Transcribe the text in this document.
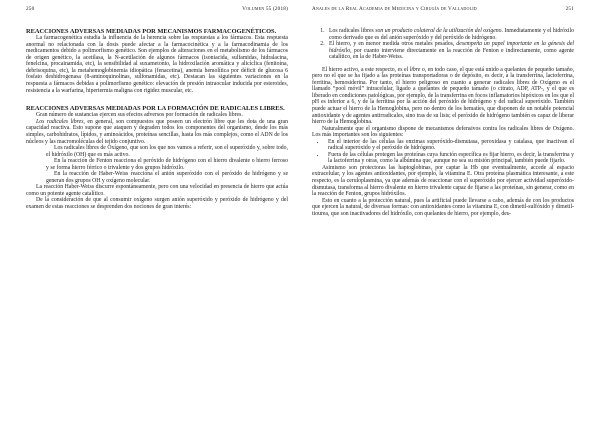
250	Volumen 55 (2018)

REACCIONES ADVERSAS MEDIADAS POR MECANISMOS FARMACOGENÉTICOS.

La farmacogenética estudia la influencia de la herencia sobre las respuestas a los fármacos. Esta respuesta anormal no relacionada con la dosis puede afectar a la farmacocinética y a la farmacodinamia de los medicamentos debido a polimorfismo genético. Son ejemplos de alteraciones en el metabolismo de los fármacos de origen genético, la acetilasa, la N-acetilación de algunos fármacos (isoniacida, sulfamidas, hidralacina, fenelcina, procainamida, etc), la sensibilidad al suxametonio, la hidroxilación aromática y alicíclica (fenitoína, debrisoquina, etc), la metahemoglobinemia idiopática (fenacetina), anemia hemolítica por déficit de glucosa 6 fosfato deshidrogenasa (8-aminoquinolinas, sulfonamidas, etc). Destacan las siguientes variaciones en la respuesta a fármacos debidas a polimorfismo genético: elevación de presión intraocular inducida por esteroides, resistencia a la warfarina, hipertermia maligna con rigidez muscular, etc.

REACCIONES ADVERSAS MEDIADAS POR LA FORMACIÓN DE RADICALES LIBRES.

Gran número de sustancias ejercen sus efectos adversos por formación de radicales libres.

Los radicales libres, en general, son compuestos que poseen un electrón libre que les dota de una gran capacidad reactiva. Esto supone que ataquen y degraden todos los componentes del organismo, desde los más simples, carbohidratos, lípidos, y aminoácidos, proteínas sencillas, hasta los más complejos, como el ADN de los núcleos y las macromoléculas del tejido conjuntivo.

Los radicales libres de Oxígeno, que son los que nos vamos a referir, son el superóxido y, sobre todo, el hidróxilo (OH) que es más activo.

En la reacción de Fenton reacciona el peróxido de hidrógeno con el hierro divalente o hierro ferroso y se forma hierro férrico o trivalente y dos grupos hidróxilo.

En la reacción de Haber-Weiss reacciona el anión superóxido con el peróxido de hidrógeno y se generan dos grupos OH y oxígeno molecular.

La reacción Haber-Weiss discurre espontáneamente, pero con una velocidad en presencia de hierro que actúa como un potente agente catalítico.

De la consideración de que al consumir oxígeno surgen anión superóxido y peróxido de hidrógeno y del examen de estas reacciones se desprenden dos nociones de gran interés:

Anales de la Real Academia de Medicina y Cirugía de Valladolid	251
1. Los radicales libres son un producto colateral de la utilización del oxígeno. Inmediatamente y el hidróxilo como derivado que es del anión superóxido y del peróxido de hidrógeno.
2. El hierro, y en menor medida otros metales pesados, desempeña un papel importante en la génesis del hidróxilo, por cuanto interviene directamente en la reacción de Fenton e indirectamente, como agente catalítico, en la de Haber-Weiss.

El hierro activo, a este respecto, es el libre o, en todo caso, el que está unido a quelantes de pequeño tamaño, pero no el que se ha fijado a las proteínas transportadoras o de depósito, es decir, a la transferrina, lactoferrina, ferritina, hemosiderina. Por tanto, el hierro peligroso en cuanto a generar radicales libres de Oxígeno es el llamado “pool móvil” intracelular, ligado a quelantes de pequeño tamaño (o citrato, ADP, ATP-, y el que es liberado en condiciones patológicas, por ejemplo, de la transferrina en focos inflamatorios hipóxicos en los que el pH es inferior a 6, y de la ferritina por la acción del peróxido de hidrógeno y del radical superóxido. También puede actuar el hierro de la Hemoglobina, pero no dentro de los hematíes, que disponen de un notable potencial antioxidante y de agentes antirradicales, sino tras de su lisis; el peróxido de hidrógeno también es capaz de liberar hierro de la Hemoglobina.

Naturalmente que el organismo dispone de mecanismos defensivos contra los radicales libres de Oxígeno. Los más importantes son los siguientes:

• En el interior de las células las enzimas superóxido-dismutasa, peroxidasa y catalasa, que inactivan el radical superóxido y el peróxido de hidrógeno.
• Fuera de las células protegen las proteínas cuya función específica es fijar hierro, es decir, la transferrina y la lactoferrina y otras, como la albúmina que, aunque no sea su misión principal, también puede fijarlo.

Asimismo son protectoras las haptoglobinas, por captar la Hb que eventualmente, accede al espacio extracelular, y los agentes antioxidantes, por ejemplo, la vitamina E. Otra proteína plasmática interesante, a este respecto, es la ceruloplasmina, ya que además de reaccionar con el superóxido por ejercer actividad superóxido-dismutasa, transforma al hierro divalente en hierro trivalente capaz de fijarse a las proteínas, sin generar, como en la reacción de Fenton, grupos hidróxilos.

Esto en cuanto a la protección natural, pues la artificial puede llevarse a cabo, además de con los productos que ejercen la natural, de diversas formas: con antioxidantes como la vitamina E, con dimetil-sulfóxido y dimetil-tiourea, que son inactivadores del hidróxilo, con quelantes de hierro, por ejemplo, des-
